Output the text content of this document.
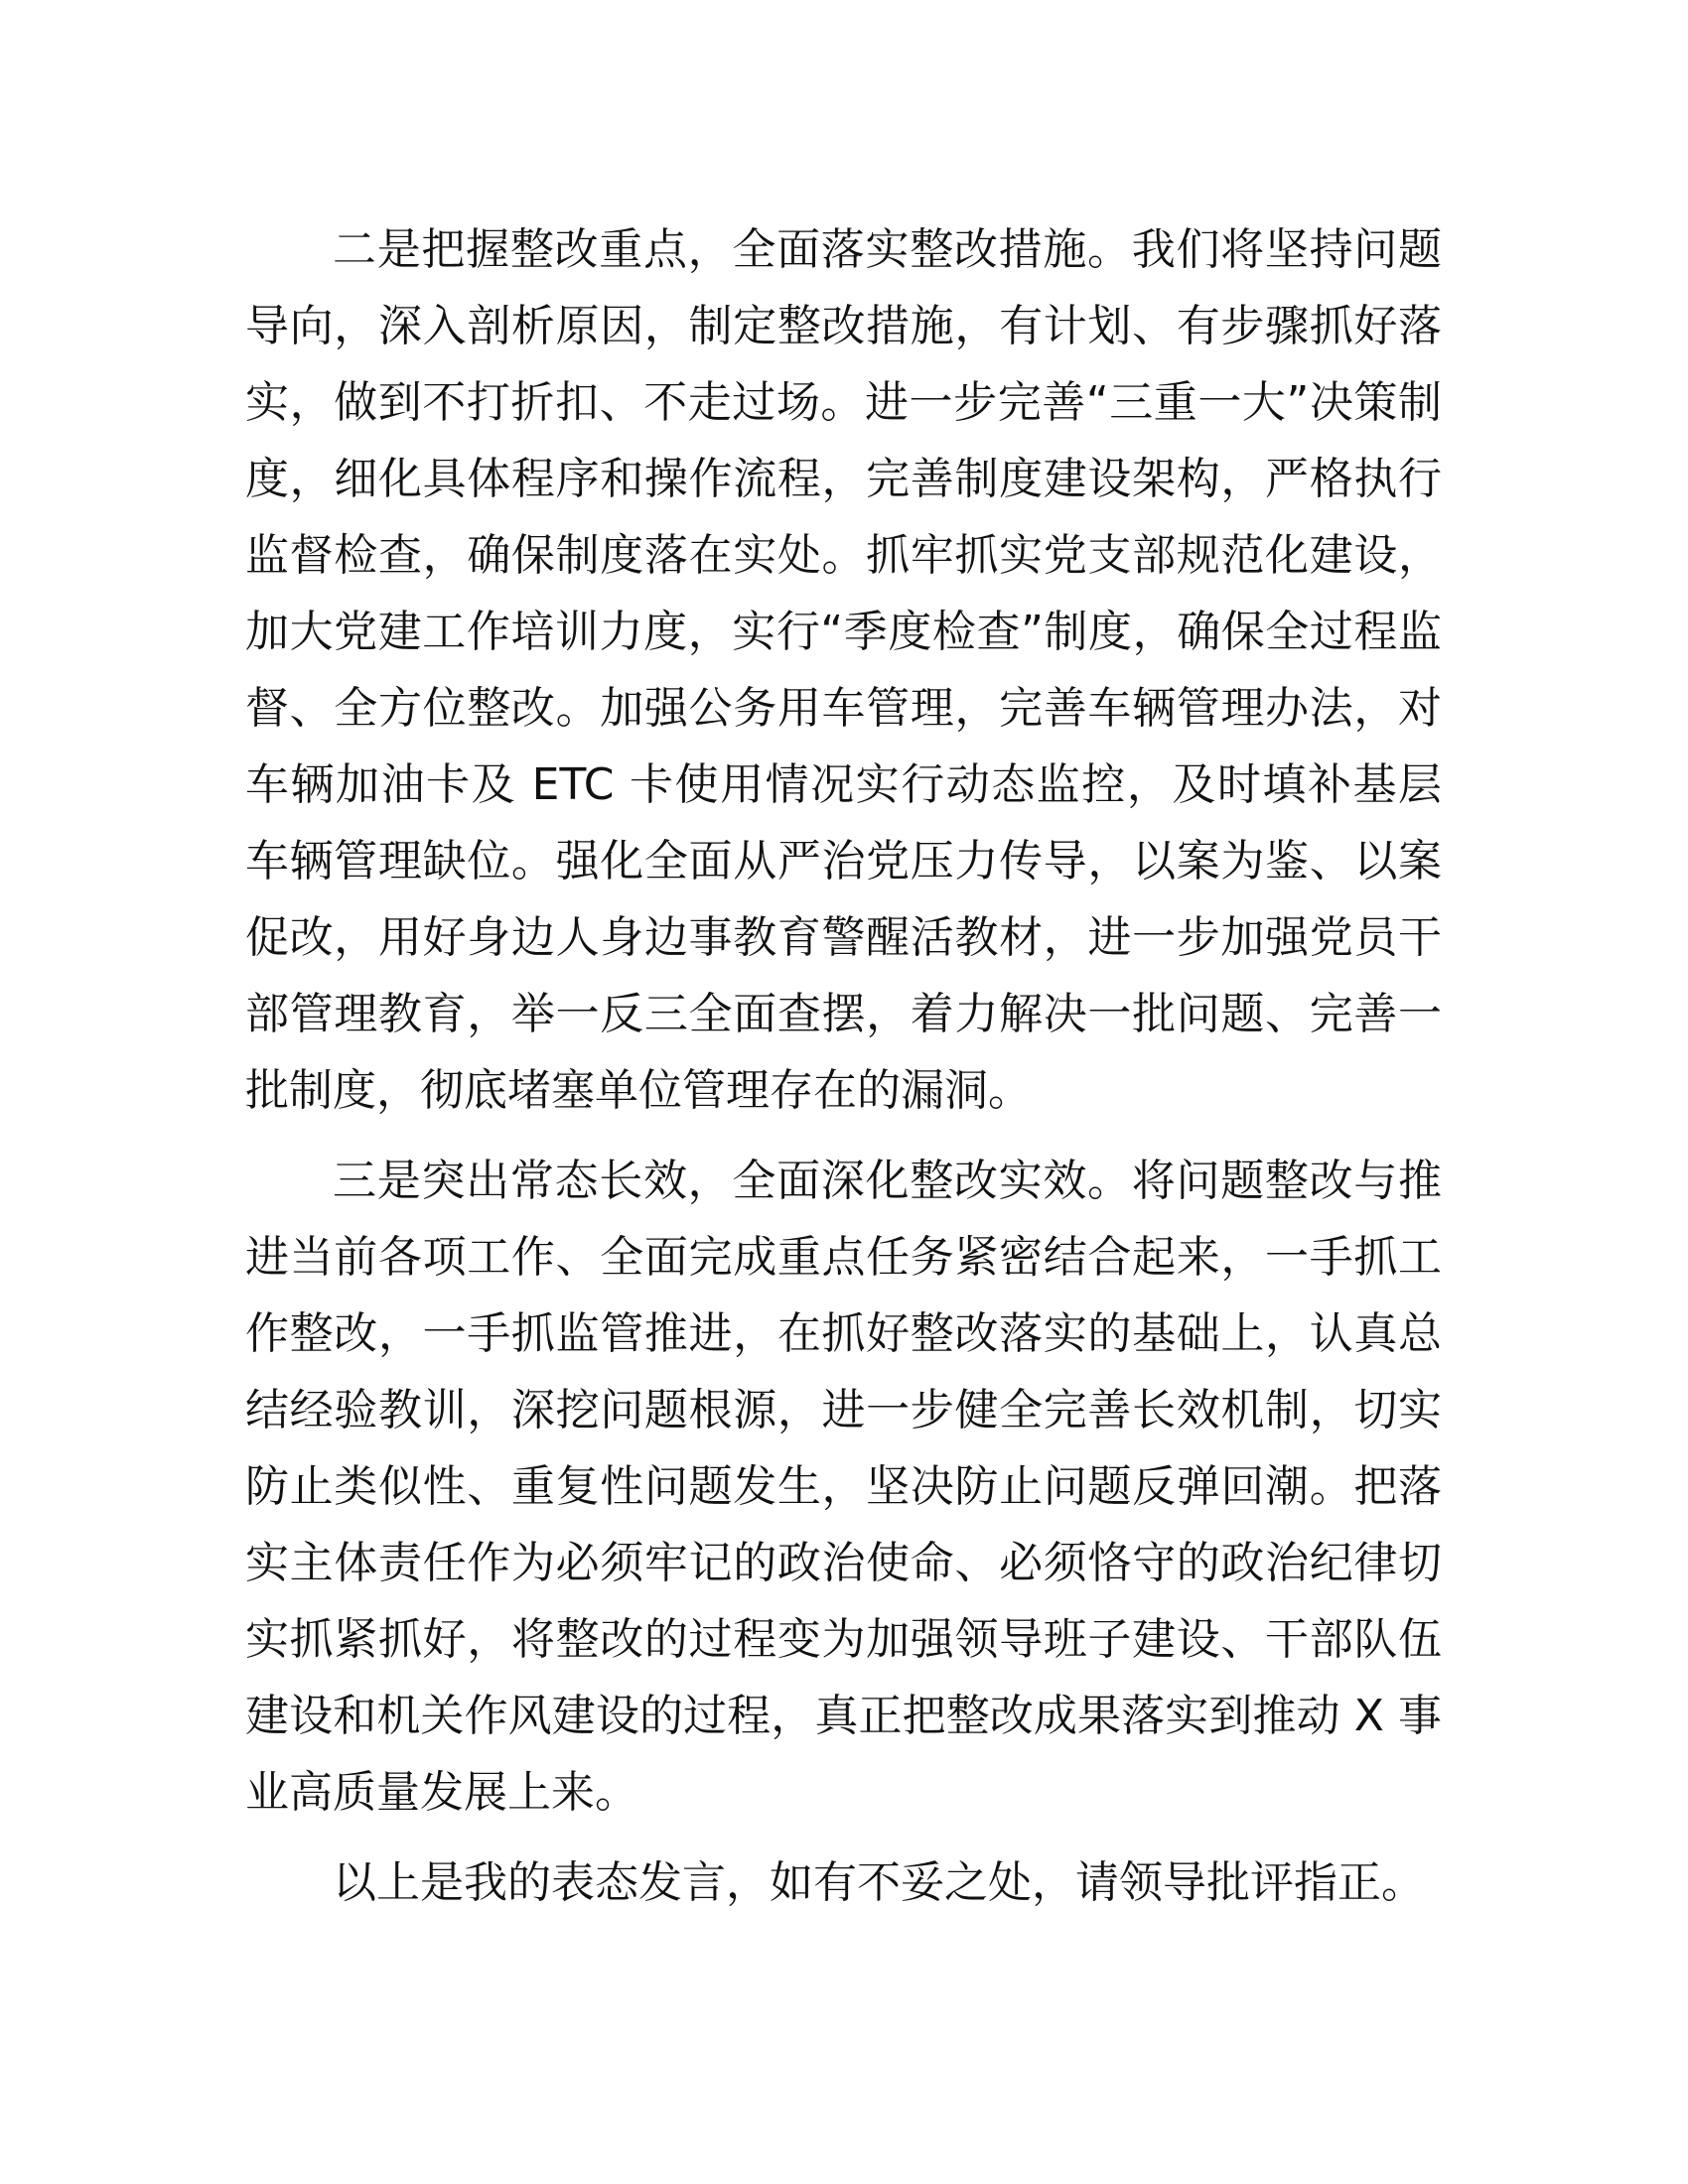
二是把握整改重点，全面落实整改措施。我们将坚持问题导向，深入剖析原因，制定整改措施，有计划、有步骤抓好落实，做到不打折扣、不走过场。进一步完善“三重一大”决策制度，细化具体程序和操作流程，完善制度建设架构，严格执行监督检查，确保制度落在实处。抓牢抓实党支部规范化建设，加大党建工作培训力度，实行“季度检查”制度，确保全过程监督、全方位整改。加强公务用车管理，完善车辆管理办法，对车辆加油卡及 ETC 卡使用情况实行动态监控，及时填补基层车辆管理缺位。强化全面从严治党压力传导，以案为鉴、以案促改，用好身边人身边事教育警醒活教材，进一步加强党员干部管理教育，举一反三全面查摆，着力解决一批问题、完善一批制度，彻底堵塞单位管理存在的漏洞。

三是突出常态长效，全面深化整改实效。将问题整改与推进当前各项工作、全面完成重点任务紧密结合起来，一手抓工作整改，一手抓监管推进，在抓好整改落实的基础上，认真总结经验教训，深挖问题根源，进一步健全完善长效机制，切实防止类似性、重复性问题发生，坚决防止问题反弹回潮。把落实主体责任作为必须牢记的政治使命、必须恪守的政治纪律切实抓紧抓好，将整改的过程变为加强领导班子建设、干部队伍建设和机关作风建设的过程，真正把整改成果落实到推动 X 事业高质量发展上来。

以上是我的表态发言，如有不妥之处，请领导批评指正。
